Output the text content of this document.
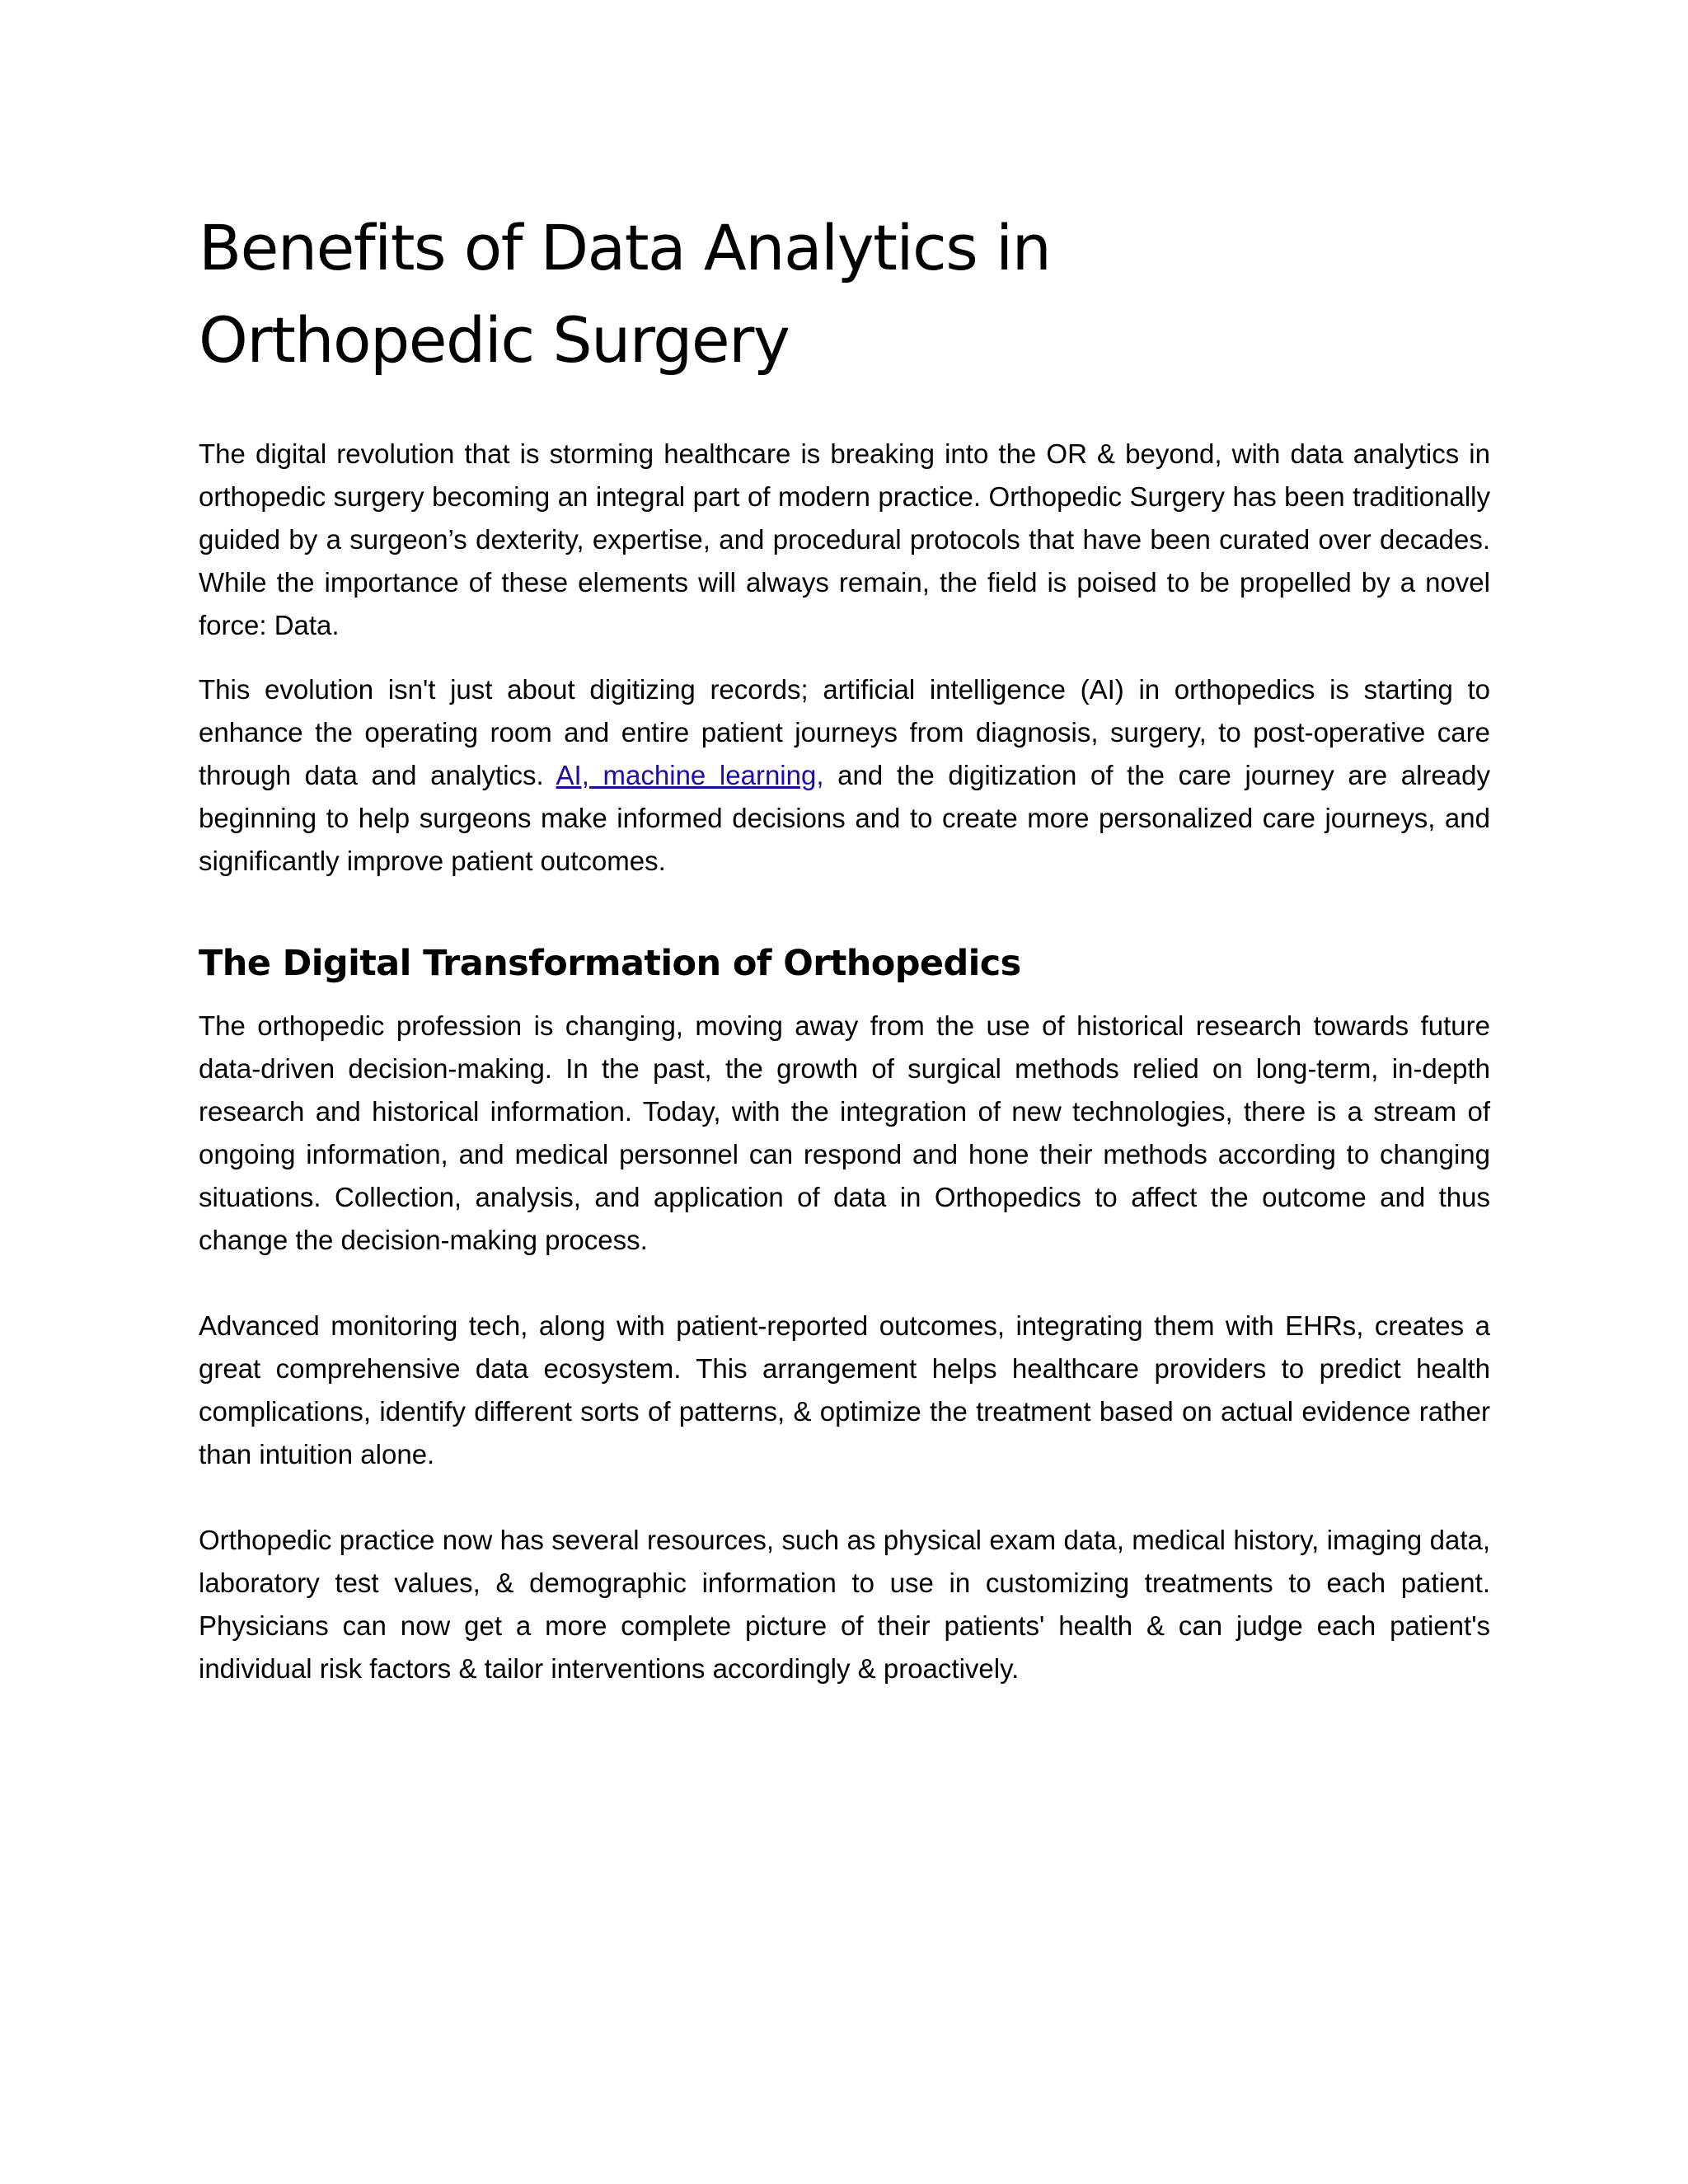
Benefits of Data Analytics in
Orthopedic Surgery

The digital revolution that is storming healthcare is breaking into the OR & beyond, with data analytics in orthopedic surgery becoming an integral part of modern practice. Orthopedic Surgery has been traditionally guided by a surgeon’s dexterity, expertise, and procedural protocols that have been curated over decades. While the importance of these elements will always remain, the field is poised to be propelled by a novel force: Data.

This evolution isn't just about digitizing records; artificial intelligence (AI) in orthopedics is starting to enhance the operating room and entire patient journeys from diagnosis, surgery, to post-operative care through data and analytics. AI, machine learning, and the digitization of the care journey are already beginning to help surgeons make informed decisions and to create more personalized care journeys, and significantly improve patient outcomes.

The Digital Transformation of Orthopedics

The orthopedic profession is changing, moving away from the use of historical research towards future data-driven decision-making. In the past, the growth of surgical methods relied on long-term, in-depth research and historical information. Today, with the integration of new technologies, there is a stream of ongoing information, and medical personnel can respond and hone their methods according to changing situations. Collection, analysis, and application of data in Orthopedics to affect the outcome and thus change the decision-making process.

Advanced monitoring tech, along with patient-reported outcomes, integrating them with EHRs, creates a great comprehensive data ecosystem. This arrangement helps healthcare providers to predict health complications, identify different sorts of patterns, & optimize the treatment based on actual evidence rather than intuition alone.

Orthopedic practice now has several resources, such as physical exam data, medical history, imaging data, laboratory test values, & demographic information to use in customizing treatments to each patient. Physicians can now get a more complete picture of their patients' health & can judge each patient's individual risk factors & tailor interventions accordingly & proactively.
